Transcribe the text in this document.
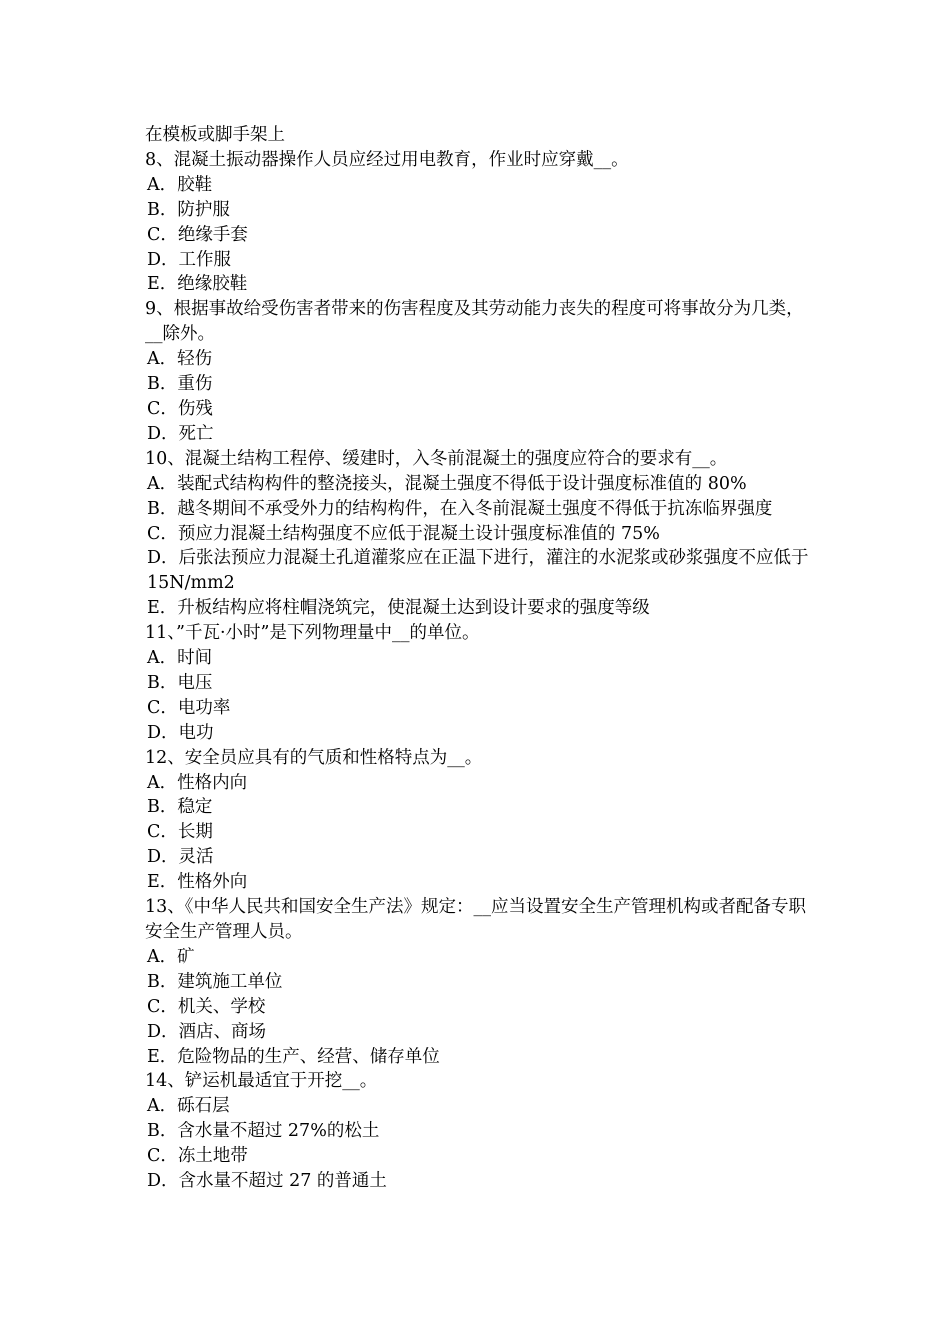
在模板或脚手架上
8、混凝土振动器操作人员应经过用电教育，作业时应穿戴__。
A．胶鞋
B．防护服
C．绝缘手套
D．工作服
E．绝缘胶鞋
9、根据事故给受伤害者带来的伤害程度及其劳动能力丧失的程度可将事故分为几类，__除外。
A．轻伤
B．重伤
C．伤残
D．死亡
10、混凝土结构工程停、缓建时，入冬前混凝土的强度应符合的要求有__。
A．装配式结构构件的整浇接头，混凝土强度不得低于设计强度标准值的 80%
B．越冬期间不承受外力的结构构件，在入冬前混凝土强度不得低于抗冻临界强度
C．预应力混凝土结构强度不应低于混凝土设计强度标准值的 75%
D．后张法预应力混凝土孔道灌浆应在正温下进行，灌注的水泥浆或砂浆强度不应低于 15N/mm2
E．升板结构应将柱帽浇筑完，使混凝土达到设计要求的强度等级
11、”千瓦·小时”是下列物理量中__的单位。
A．时间
B．电压
C．电功率
D．电功
12、安全员应具有的气质和性格特点为__。
A．性格内向
B．稳定
C．长期
D．灵活
E．性格外向
13、《中华人民共和国安全生产法》规定：__应当设置安全生产管理机构或者配备专职安全生产管理人员。
A．矿
B．建筑施工单位
C．机关、学校
D．酒店、商场
E．危险物品的生产、经营、储存单位
14、铲运机最适宜于开挖__。
A．砾石层
B．含水量不超过 27%的松土
C．冻土地带
D．含水量不超过 27 的普通土
